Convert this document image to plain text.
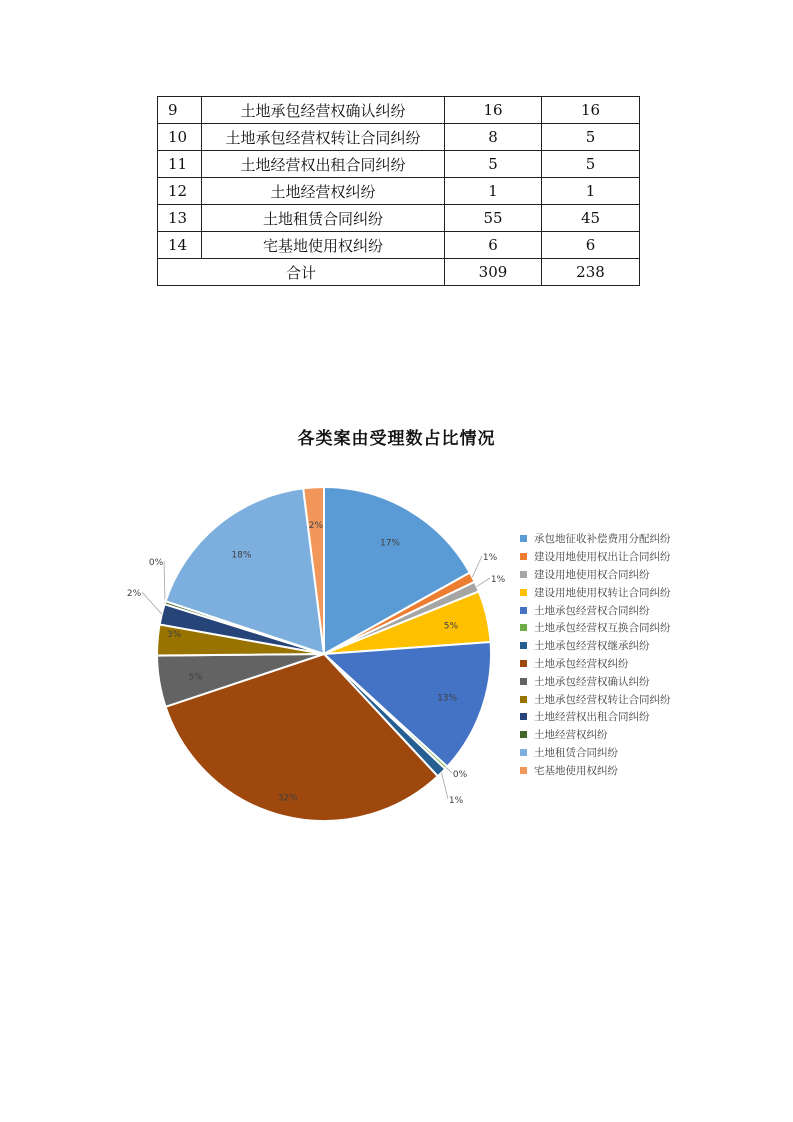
9	土地承包经营权确认纠纷	16	16
10	土地承包经营权转让合同纠纷	8	5
11	土地经营权出租合同纠纷	5	5
12	土地经营权纠纷	1	1
13	土地租赁合同纠纷	55	45
14	宅基地使用权纠纷	6	6
合计		309	238
各类案由受理数占比情况
17%
1%
1%
5%
13%
0%
1%
32%
5%
3%
2%
0%
18%
2%
承包地征收补偿费用分配纠纷
建设用地使用权出让合同纠纷
建设用地使用权合同纠纷
建设用地使用权转让合同纠纷
土地承包经营权合同纠纷
土地承包经营权互换合同纠纷
土地承包经营权继承纠纷
土地承包经营权纠纷
土地承包经营权确认纠纷
土地承包经营权转让合同纠纷
土地经营权出租合同纠纷
土地经营权纠纷
土地租赁合同纠纷
宅基地使用权纠纷
